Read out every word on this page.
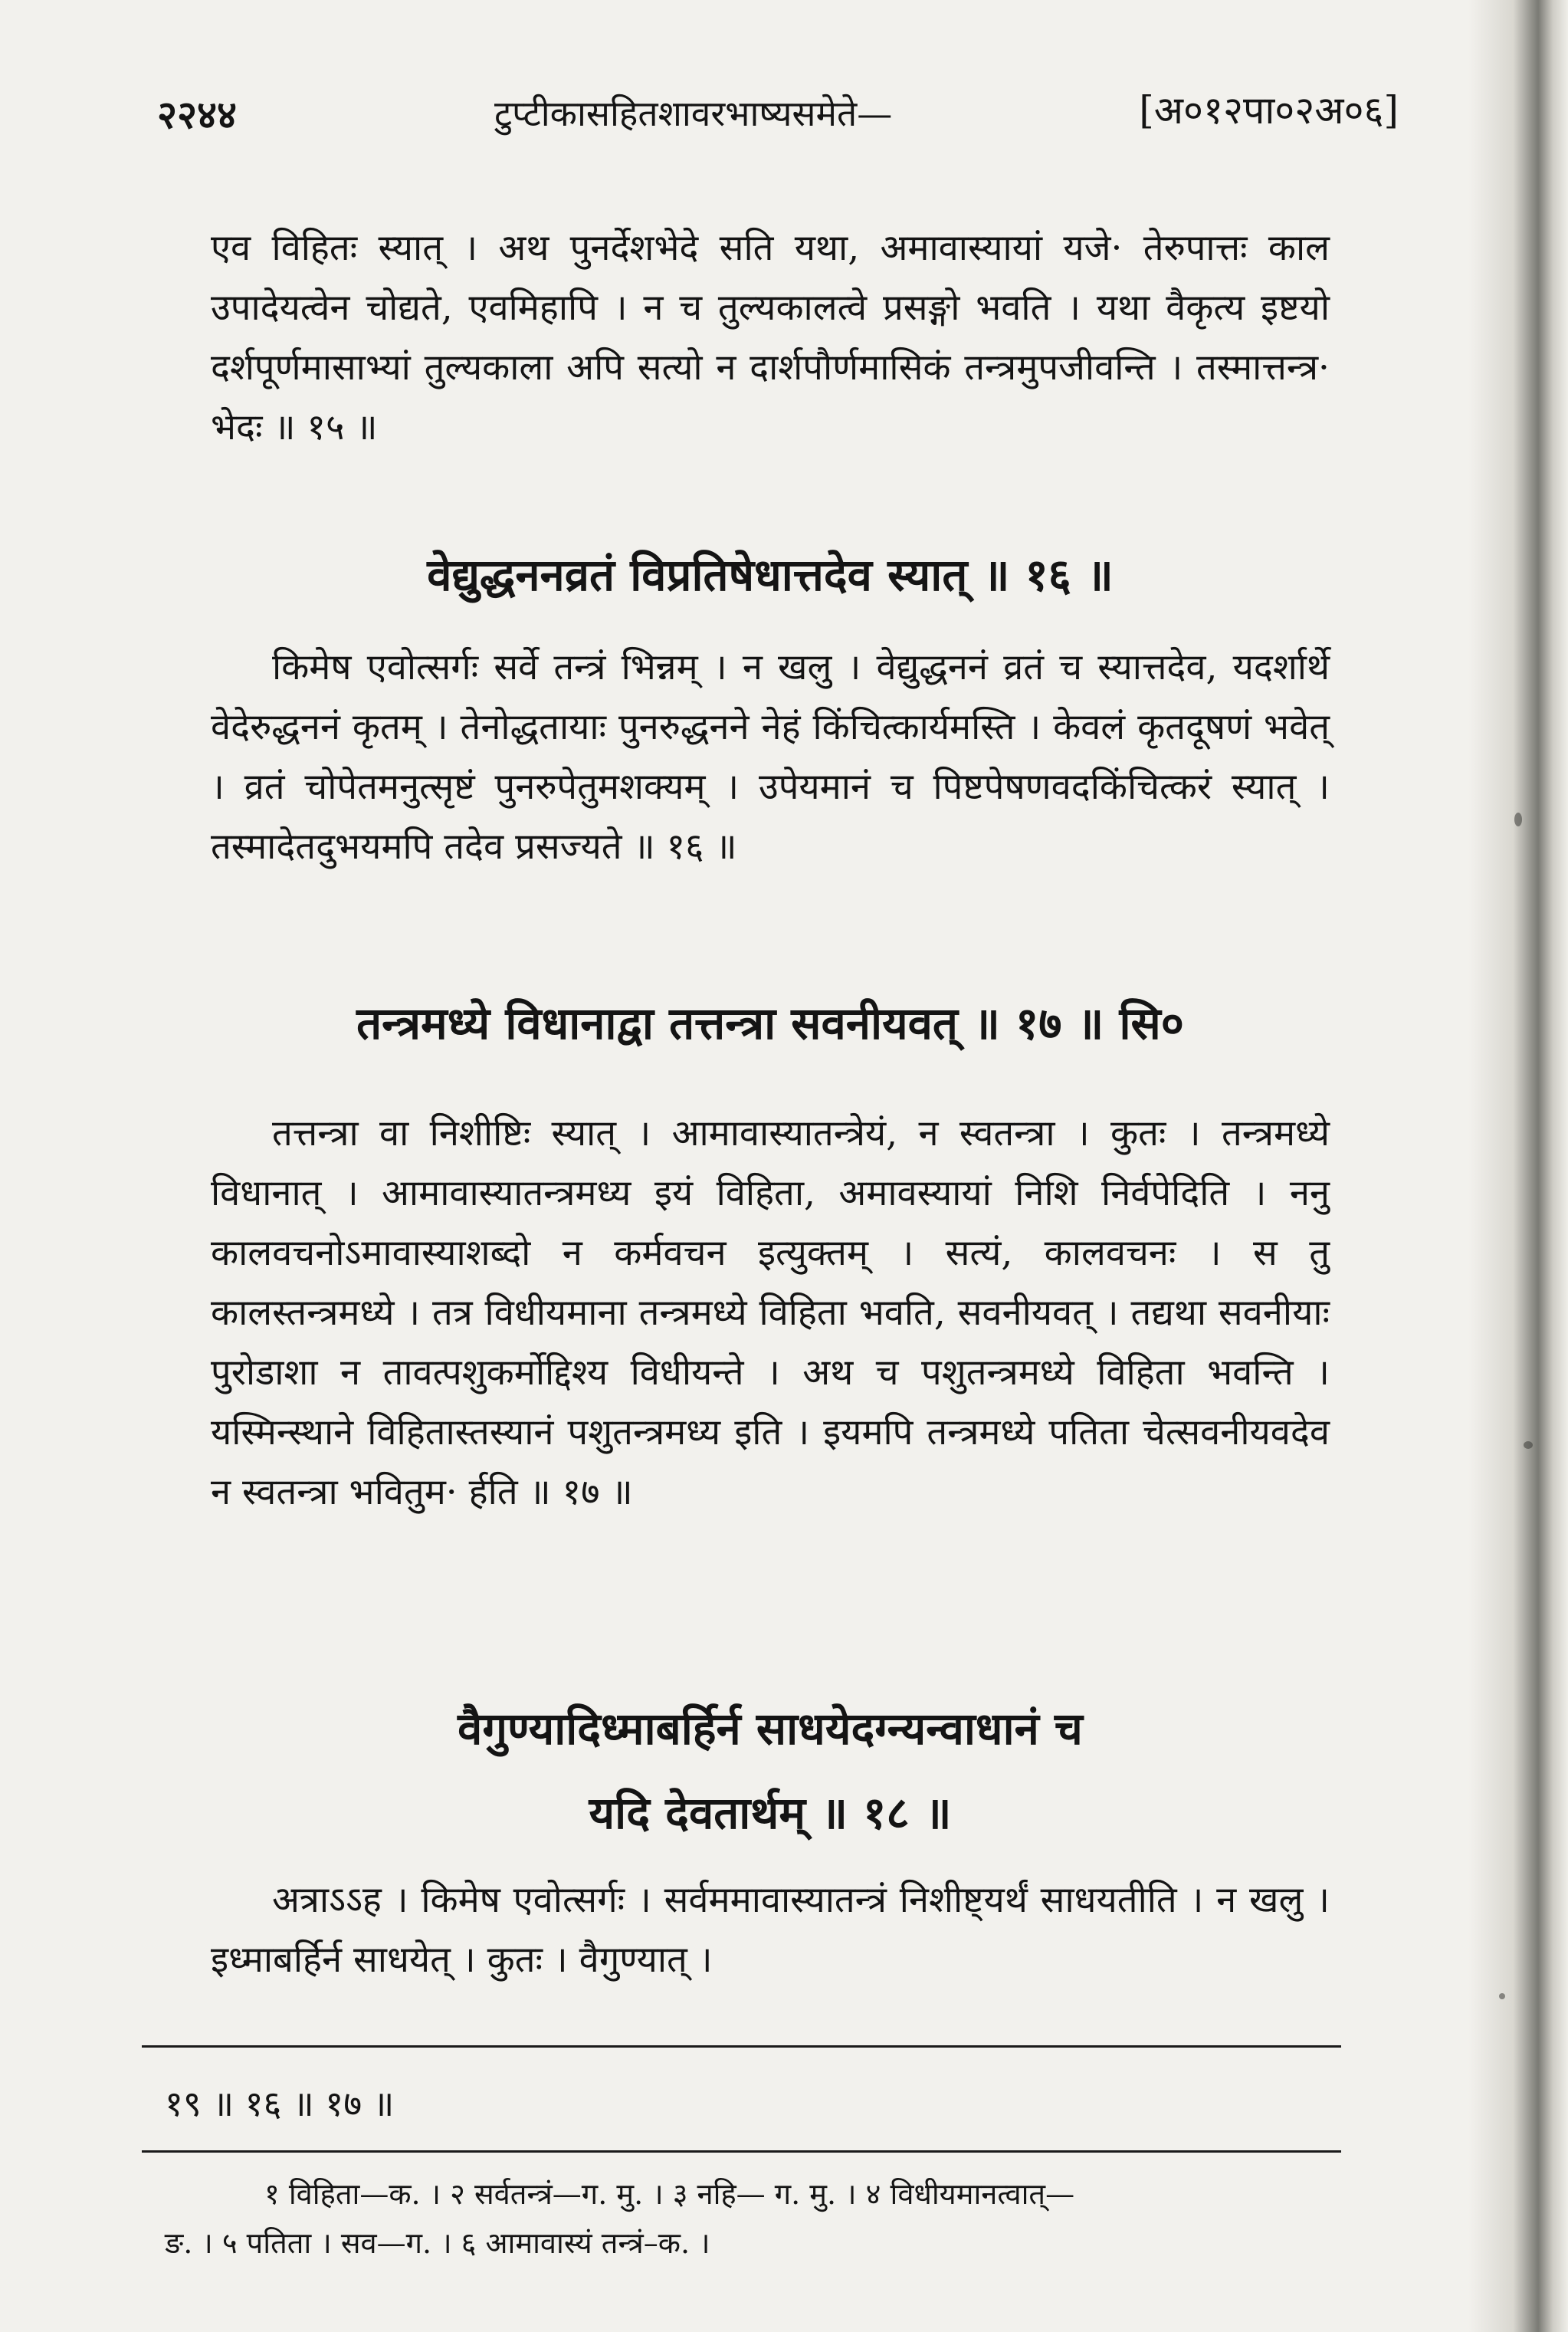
२२४४	टुप्टीकासहितशावरभाष्यसमेते—	[अ०१२पा०२अ०६]
एव विहितः स्यात् । अथ पुनर्देशभेदे सति यथा, अमावास्यायां यजे· तेरुपात्तः काल उपादेयत्वेन चोद्यते, एवमिहापि । न च तुल्यकालत्वे प्रसङ्गो भवति । यथा वैकृत्य इष्टयो दर्शपूर्णमासाभ्यां तुल्यकाला अपि सत्यो न दार्शपौर्णमासिकं तन्त्रमुपजीवन्ति । तस्मात्तन्त्र· भेदः ॥ १५ ॥
वेद्युद्धननव्रतं विप्रतिषेधात्तदेव स्यात् ॥ १६ ॥
किमेष एवोत्सर्गः सर्वे तन्त्रं भिन्नम् । न खलु । वेद्युद्धननं व्रतं च स्यात्तदेव, यदर्शार्थे वेदेरुद्धननं कृतम् । तेनोद्धतायाः पुनरुद्धनने नेहं किंचित्कार्यमस्ति । केवलं कृतदूषणं भवेत् । व्रतं चोपेतमनुत्सृष्टं पुनरुपेतुमशक्यम् । उपेयमानं च पिष्टपेषणवदकिंचित्करं स्यात् । तस्मादेतदुभयमपि तदेव प्रसज्यते ॥ १६ ॥
तन्त्रमध्ये विधानाद्वा तत्तन्त्रा सवनीयवत् ॥ १७ ॥ सि०
तत्तन्त्रा वा निशीष्टिः स्यात् । आमावास्यातन्त्रेयं, न स्वतन्त्रा । कुतः । तन्त्रमध्ये विधानात् । आमावास्यातन्त्रमध्य इयं विहिता, अमावस्यायां निशि निर्वपेदिति । ननु कालवचनोऽमावास्याशब्दो न कर्मवचन इत्युक्तम् । सत्यं, कालवचनः । स तु कालस्तन्त्रमध्ये । तत्र विधीयमाना तन्त्रमध्ये विहिता भवति, सवनीयवत् । तद्यथा सवनीयाः पुरोडाशा न तावत्पशुकर्मोद्दिश्य विधीयन्ते । अथ च पशुतन्त्रमध्ये विहिता भवन्ति । यस्मिन्स्थाने विहितास्तस्यानं पशुतन्त्रमध्य इति । इयमपि तन्त्रमध्ये पतिता चेत्सवनीयवदेव न स्वतन्त्रा भवितुम· र्हति ॥ १७ ॥
वैगुण्यादिध्माबर्हिर्न साधयेदग्न्यन्वाधानं च
यदि देवतार्थम् ॥ १८ ॥
अत्राऽऽह । किमेष एवोत्सर्गः । सर्वममावास्यातन्त्रं निशीष्ट्यर्थं साधयतीति । न खलु । इध्माबर्हिर्न साधयेत् । कुतः । वैगुण्यात् ।
१९ ॥ १६ ॥ १७ ॥
१ विहिता—क. । २ सर्वतन्त्रं—ग. मु. । ३ नहि— ग. मु. । ४ विधीयमानत्वात्—
ङ. । ५ पतिता । सव—ग. । ६ आमावास्यं तन्त्रं–क. ।
